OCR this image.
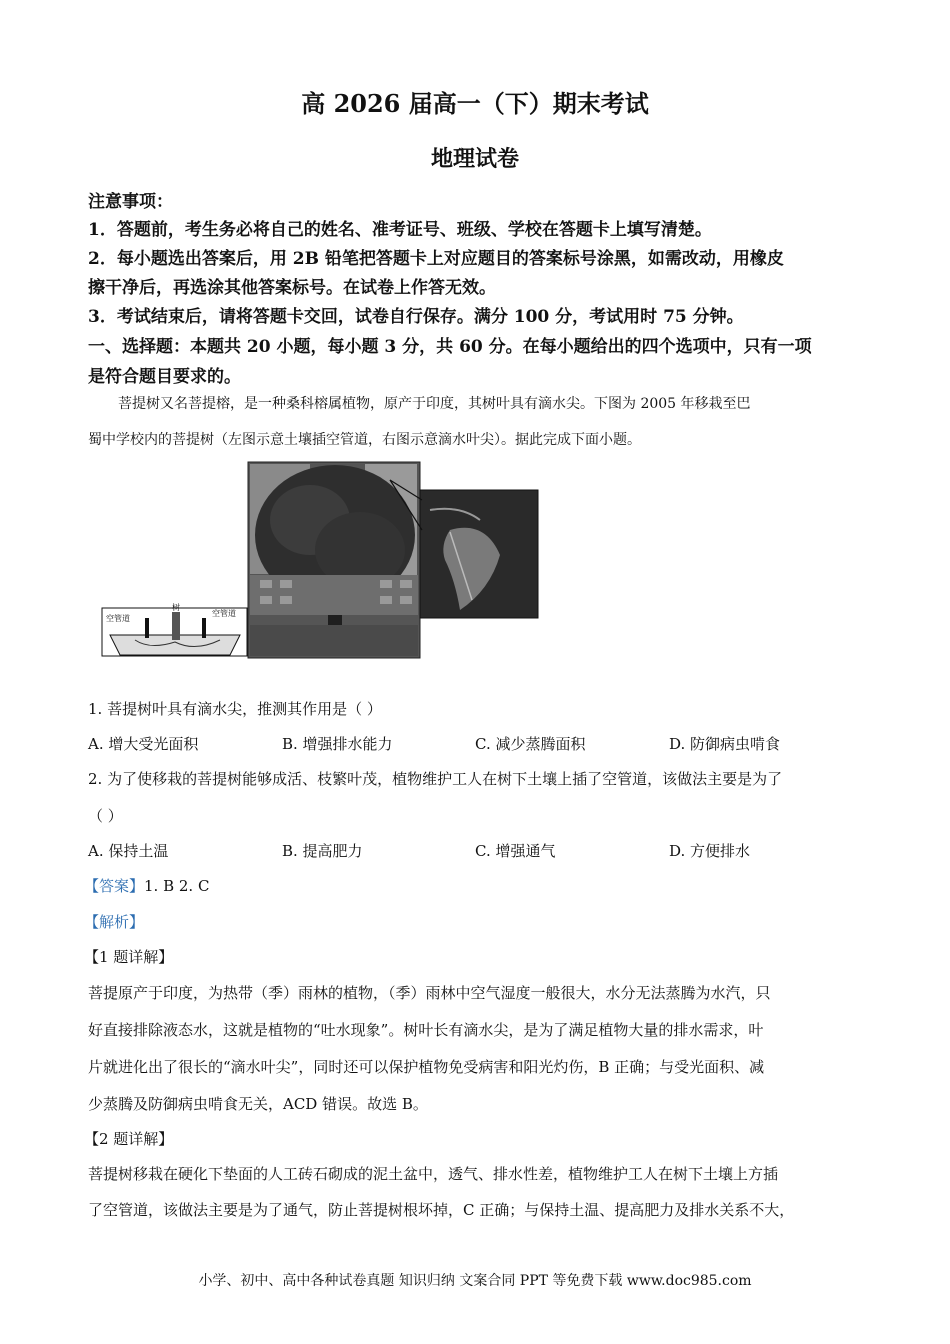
高 2026 届高一（下）期末考试
地理试卷
注意事项：
1．答题前，考生务必将自己的姓名、准考证号、班级、学校在答题卡上填写清楚。
2．每小题选出答案后，用 2B 铅笔把答题卡上对应题目的答案标号涂黑，如需改动，用橡皮
擦干净后，再选涂其他答案标号。在试卷上作答无效。
3．考试结束后，请将答题卡交回，试卷自行保存。满分 100 分，考试用时 75 分钟。
一、选择题：本题共 20 小题，每小题 3 分，共 60 分。在每小题给出的四个选项中，只有一项
是符合题目要求的。
菩提树又名菩提榕，是一种桑科榕属植物，原产于印度，其树叶具有滴水尖。下图为 2005 年移栽至巴
蜀中学校内的菩提树（左图示意土壤插空管道，右图示意滴水叶尖）。据此完成下面小题。
空管道
树
空管道
1. 菩提树叶具有滴水尖，推测其作用是（ ）
A. 增大受光面积	B. 增强排水能力	C. 减少蒸腾面积	D. 防御病虫啃食
2. 为了使移栽的菩提树能够成活、枝繁叶茂，植物维护工人在树下土壤上插了空管道，该做法主要是为了
（ ）
A. 保持土温	B. 提高肥力	C. 增强通气	D. 方便排水
【答案】1. B 2. C
【解析】
【1 题详解】
菩提原产于印度，为热带（季）雨林的植物，（季）雨林中空气湿度一般很大，水分无法蒸腾为水汽，只
好直接排除液态水，这就是植物的“吐水现象”。树叶长有滴水尖，是为了满足植物大量的排水需求，叶
片就进化出了很长的“滴水叶尖”，同时还可以保护植物免受病害和阳光灼伤，B 正确；与受光面积、减
少蒸腾及防御病虫啃食无关，ACD 错误。故选 B。
【2 题详解】
菩提树移栽在硬化下垫面的人工砖石砌成的泥土盆中，透气、排水性差，植物维护工人在树下土壤上方插
了空管道，该做法主要是为了通气，防止菩提树根坏掉，C 正确；与保持土温、提高肥力及排水关系不大，
小学、初中、高中各种试卷真题 知识归纳 文案合同 PPT 等免费下载 www.doc985.com
